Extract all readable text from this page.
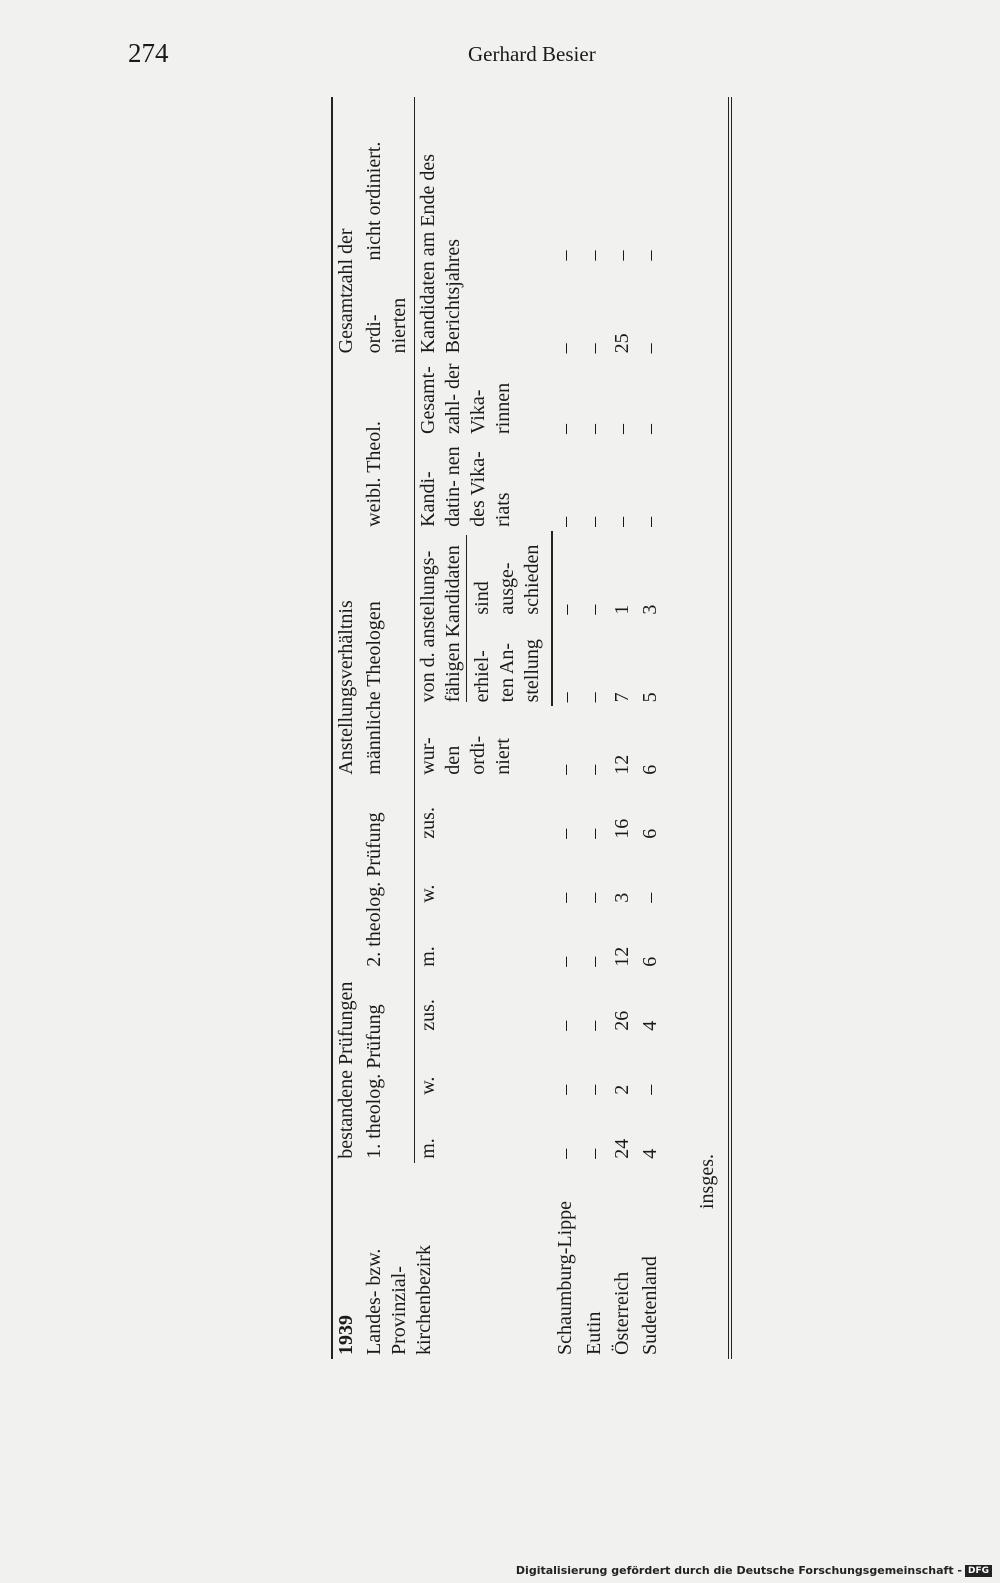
274	Gerhard Besier
1939	bestandene Prüfungen						Anstellungsverhältnis					Gesamtzahl der	
Landes- bzw. Provinzial- kirchenbezirk	1. theolog. Prüfung			2. theolog. Prüfung			männliche Theologen			weibl. Theol.		ordi- nierten	nicht ordiniert.
	m.	w.	zus.	m.	w.	zus.	wur- den ordi- niert	von d. anstellungs- fähigen Kandidaten		Kandi- datin- nen des Vika- riats	Gesamt- zahl- der Vika- rinnen	Kandidaten am Ende des Berichtsjahres	
								erhiel- ten An- stellung	sind ausge- schieden				
Schaumburg-Lippe	–	–	–	–	–	–	–	–	–	–	–	–	–
Eutin	–	–	–	–	–	–	–	–	–	–	–	–	–
Österreich	24	2	26	12	3	16	12	7	1	–	–	25	–
Sudetenland	4	–	4	6	–	6	6	5	3	–	–	–	–
insges.													
Digitalisierung gefördert durch die Deutsche Forschungsgemeinschaft - DFG
